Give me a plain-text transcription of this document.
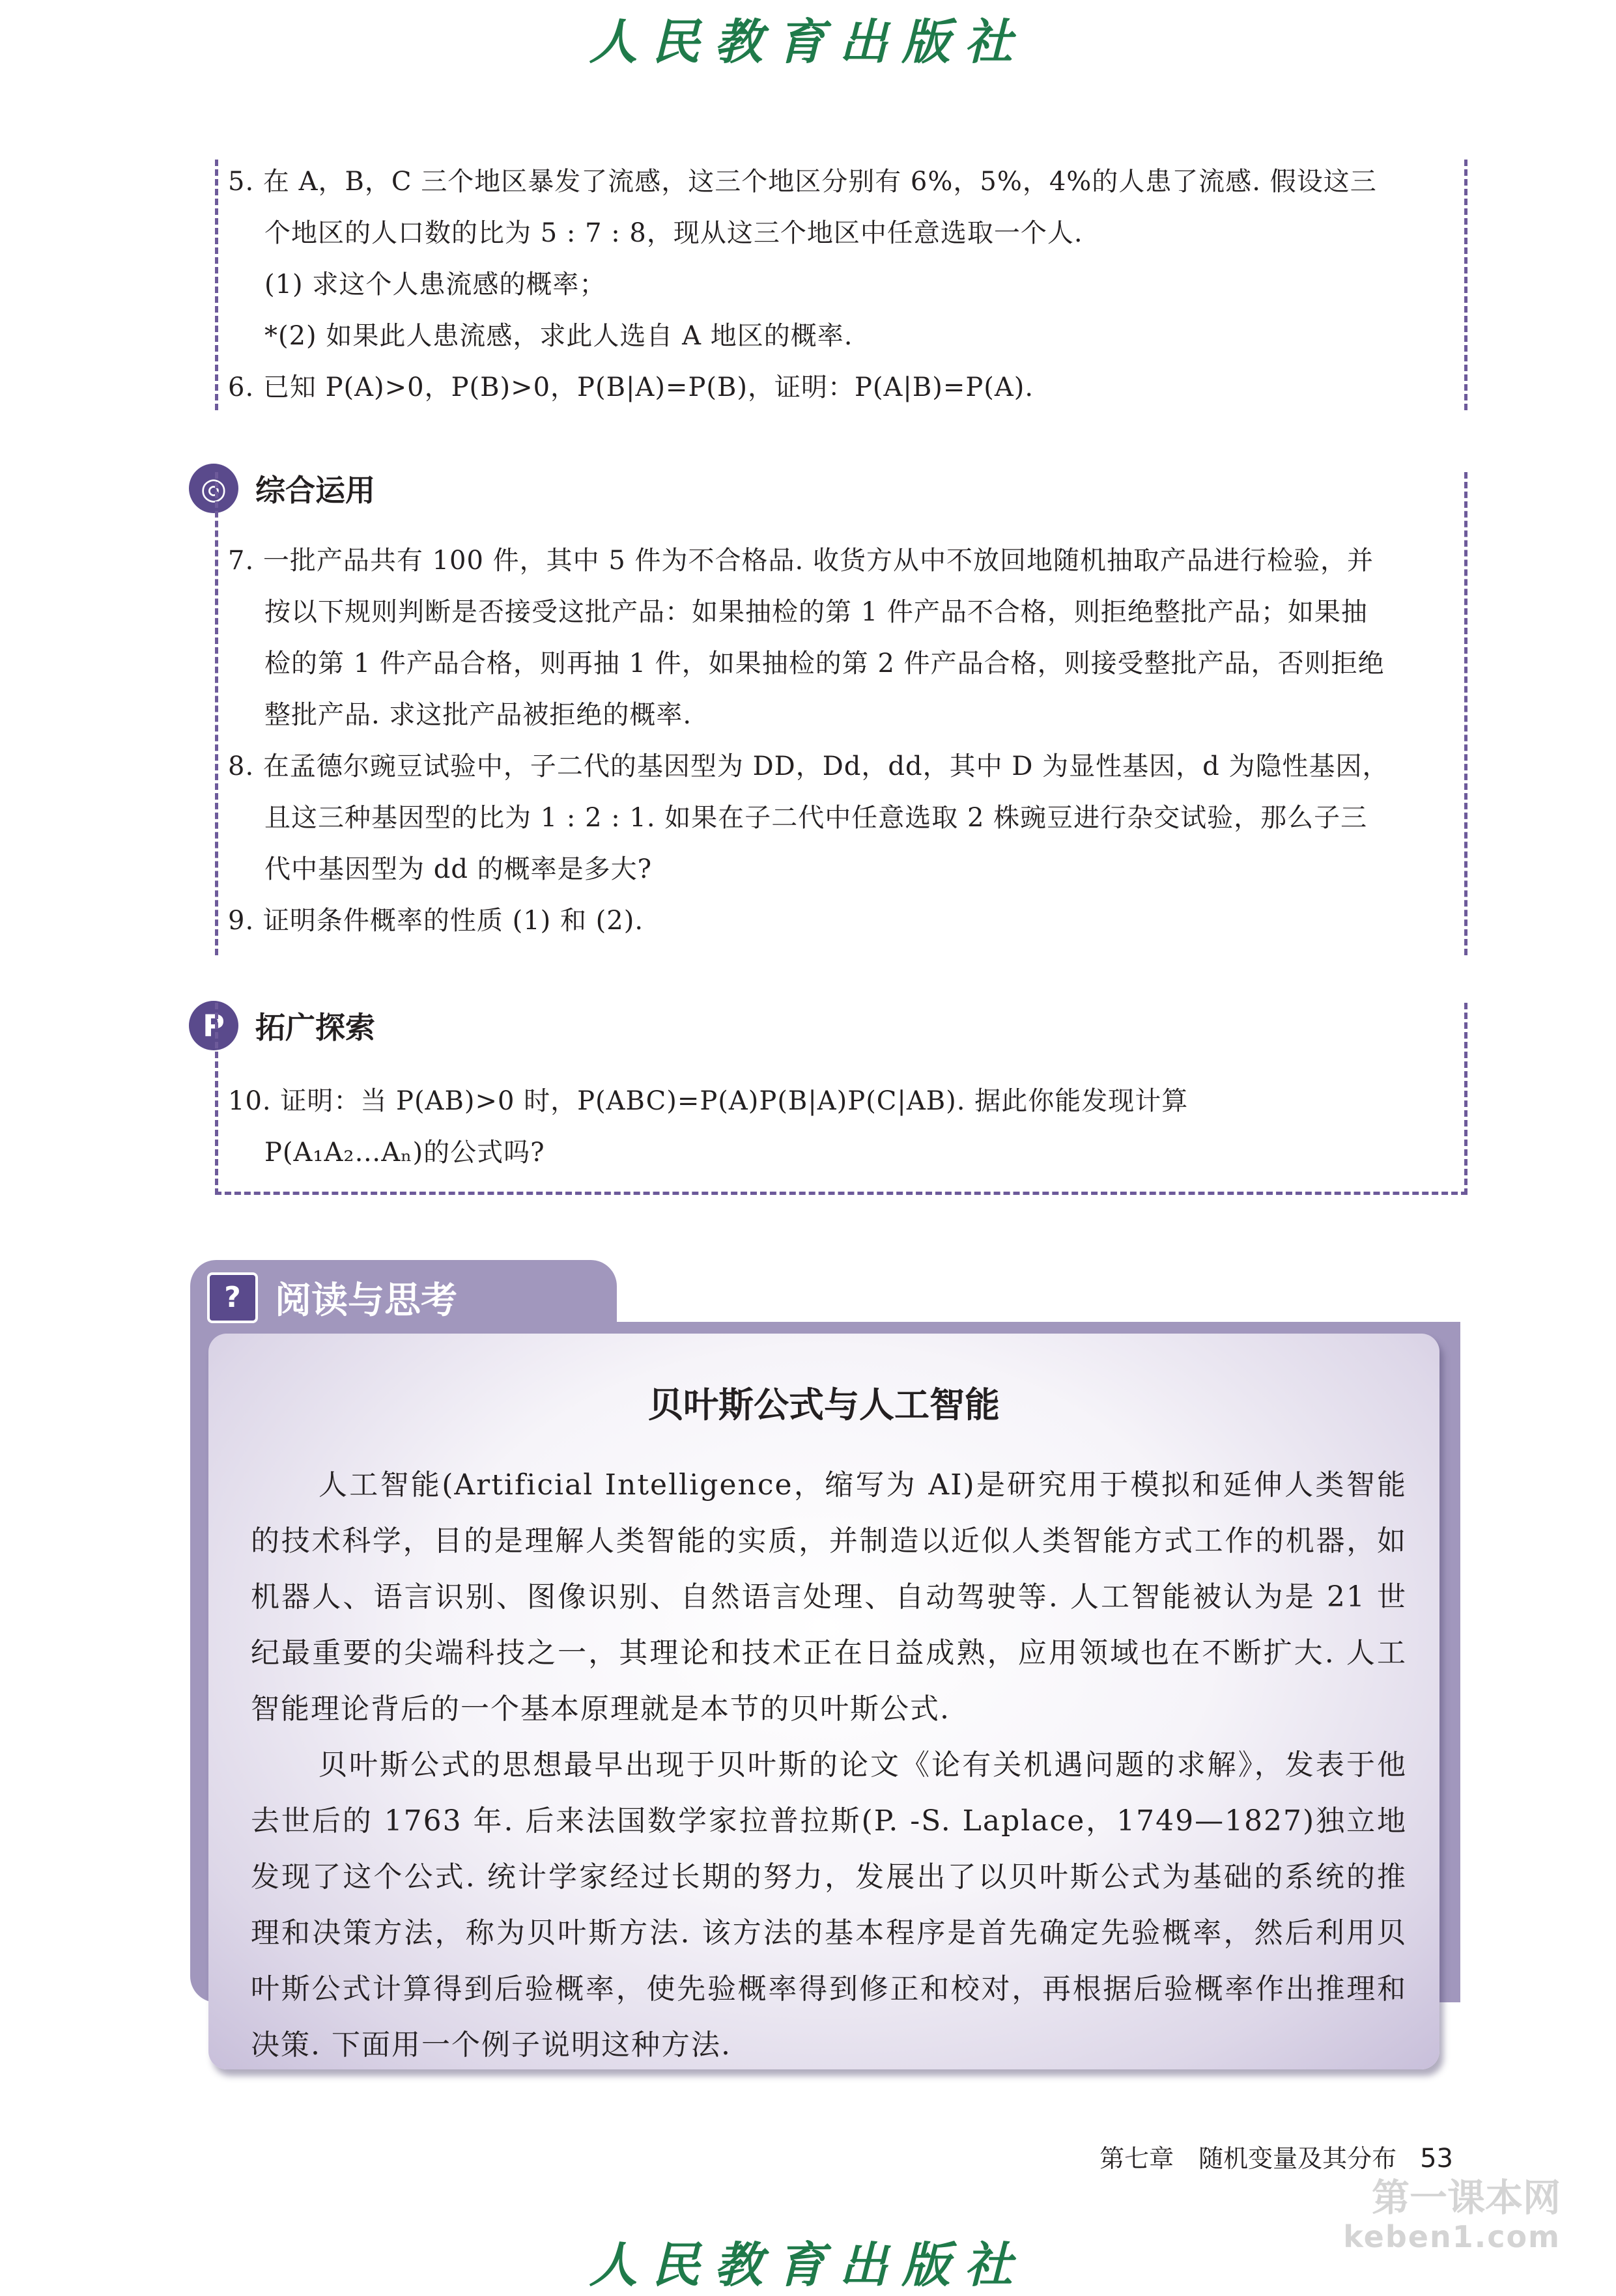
人民教育出版社
5. 在 A，B，C 三个地区暴发了流感，这三个地区分别有 6%，5%，4%的人患了流感. 假设这三
个地区的人口数的比为 5 : 7 : 8，现从这三个地区中任意选取一个人.
(1) 求这个人患流感的概率；
*(2) 如果此人患流感，求此人选自 A 地区的概率.
6. 已知 P(A)>0，P(B)>0，P(B|A)=P(B)，证明：P(A|B)=P(A).
◎ 综合运用
7. 一批产品共有 100 件，其中 5 件为不合格品. 收货方从中不放回地随机抽取产品进行检验，并
按以下规则判断是否接受这批产品：如果抽检的第 1 件产品不合格，则拒绝整批产品；如果抽
检的第 1 件产品合格，则再抽 1 件，如果抽检的第 2 件产品合格，则接受整批产品，否则拒绝
整批产品. 求这批产品被拒绝的概率.
8. 在孟德尔豌豆试验中，子二代的基因型为 DD，Dd，dd，其中 D 为显性基因，d 为隐性基因，
且这三种基因型的比为 1 : 2 : 1. 如果在子二代中任意选取 2 株豌豆进行杂交试验，那么子三
代中基因型为 dd 的概率是多大?
9. 证明条件概率的性质 (1) 和 (2).
P	拓广探索
10. 证明：当 P(AB)>0 时，P(ABC)=P(A)P(B|A)P(C|AB). 据此你能发现计算
P(A₁A₂…Aₙ)的公式吗?
? 阅读与思考
贝叶斯公式与人工智能
人工智能(Artificial Intelligence，缩写为 AI)是研究用于模拟和延伸人类智能的技术科学，目的是理解人类智能的实质，并制造以近似人类智能方式工作的机器，如机器人、语言识别、图像识别、自然语言处理、自动驾驶等. 人工智能被认为是 21 世纪最重要的尖端科技之一，其理论和技术正在日益成熟，应用领域也在不断扩大. 人工智能理论背后的一个基本原理就是本节的贝叶斯公式.
贝叶斯公式的思想最早出现于贝叶斯的论文《论有关机遇问题的求解》，发表于他去世后的 1763 年. 后来法国数学家拉普拉斯(P. -S. Laplace，1749—1827)独立地发现了这个公式. 统计学家经过长期的努力，发展出了以贝叶斯公式为基础的系统的推理和决策方法，称为贝叶斯方法. 该方法的基本程序是首先确定先验概率，然后利用贝叶斯公式计算得到后验概率，使先验概率得到修正和校对，再根据后验概率作出推理和决策. 下面用一个例子说明这种方法.
第七章　随机变量及其分布 53
第一课本网
keben1.com
人民教育出版社
